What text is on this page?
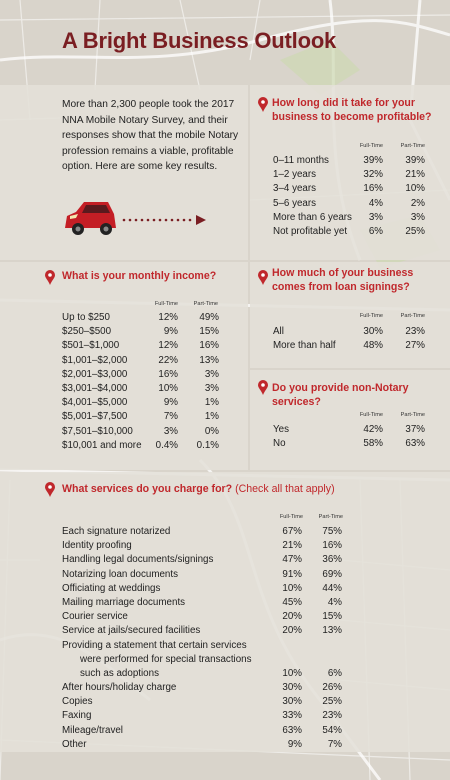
A Bright Business Outlook

More than 2,300 people took the 2017 NNA Mobile Notary Survey, and their responses show that the mobile Notary profession remains a viable, profitable option. Here are some key results.

How long did it take for your business to become profitable?

Full-Time	Part-Time
0–11 months	39%	39%
1–2 years	32%	21%
3–4 years	16%	10%
5–6 years	4%	2%
More than 6 years	3%	3%
Not profitable yet	6%	25%

What is your monthly income?

Full-Time	Part-Time
Up to $250	12%	49%
$250–$500	9%	15%
$501–$1,000	12%	16%
$1,001–$2,000	22%	13%
$2,001–$3,000	16%	3%
$3,001–$4,000	10%	3%
$4,001–$5,000	9%	1%
$5,001–$7,500	7%	1%
$7,501–$10,000	3%	0%
$10,001 and more	0.4%	0.1%

How much of your business comes from loan signings?

Full-Time	Part-Time
All	30%	23%
More than half	48%	27%

Do you provide non-Notary services?

Full-Time	Part-Time
Yes	42%	37%
No	58%	63%

What services do you charge for? (Check all that apply)

Full-Time	Part-Time
Each signature notarized	67%	75%
Identity proofing	21%	16%
Handling legal documents/signings	47%	36%
Notarizing loan documents	91%	69%
Officiating at weddings	10%	44%
Mailing marriage documents	45%	4%
Courier service	20%	15%
Service at jails/secured facilities	20%	13%
Providing a statement that certain services
were performed for special transactions
such as adoptions	10%	6%
After hours/holiday charge	30%	26%
Copies	30%	25%
Faxing	33%	23%
Mileage/travel	63%	54%
Other	9%	7%
